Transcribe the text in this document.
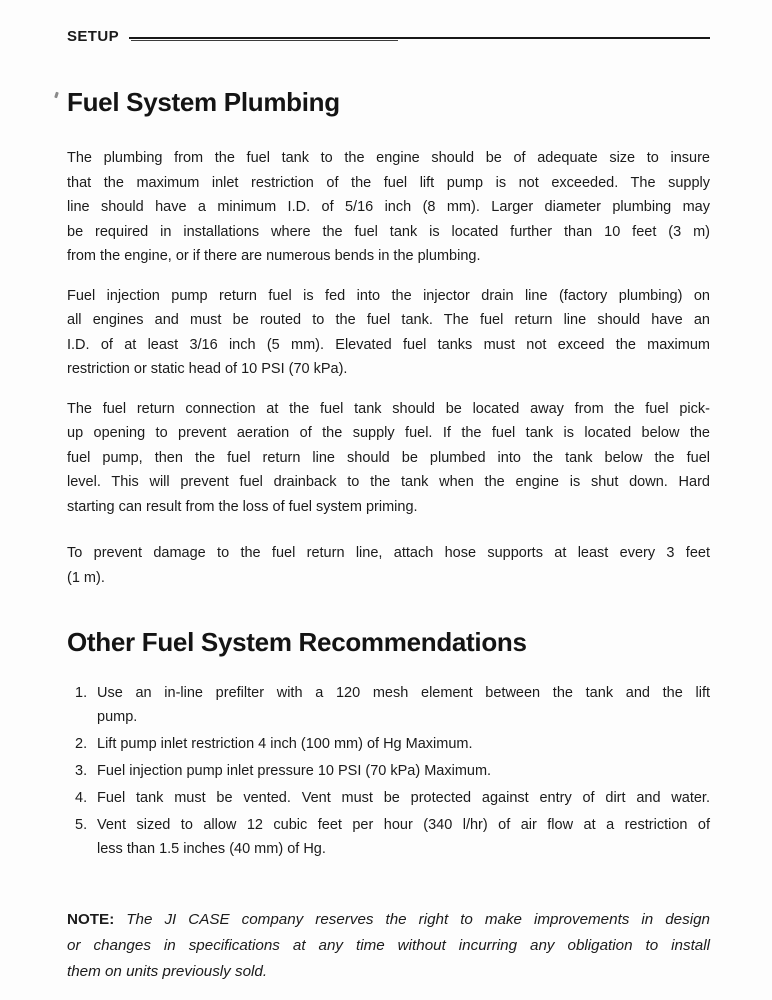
SETUP
Fuel System Plumbing
The plumbing from the fuel tank to the engine should be of adequate size to insure
that the maximum inlet restriction of the fuel lift pump is not exceeded. The supply
line should have a minimum I.D. of 5/16 inch (8 mm). Larger diameter plumbing may
be required in installations where the fuel tank is located further than 10 feet (3 m)
from the engine, or if there are numerous bends in the plumbing.
Fuel injection pump return fuel is fed into the injector drain line (factory plumbing) on
all engines and must be routed to the fuel tank. The fuel return line should have an
I.D. of at least 3/16 inch (5 mm). Elevated fuel tanks must not exceed the maximum
restriction or static head of 10 PSI (70 kPa).
The fuel return connection at the fuel tank should be located away from the fuel pick-
up opening to prevent aeration of the supply fuel. If the fuel tank is located below the
fuel pump, then the fuel return line should be plumbed into the tank below the fuel
level. This will prevent fuel drainback to the tank when the engine is shut down. Hard
starting can result from the loss of fuel system priming.
To prevent damage to the fuel return line, attach hose supports at least every 3 feet
(1 m).
Other Fuel System Recommendations
1. Use an in-line prefilter with a 120 mesh element between the tank and the lift
pump.
2. Lift pump inlet restriction 4 inch (100 mm) of Hg Maximum.
3. Fuel injection pump inlet pressure 10 PSI (70 kPa) Maximum.
4. Fuel tank must be vented. Vent must be protected against entry of dirt and water.
5. Vent sized to allow 12 cubic feet per hour (340 l/hr) of air flow at a restriction of
less than 1.5 inches (40 mm) of Hg.
NOTE: The JI CASE company reserves the right to make improvements in design
or changes in specifications at any time without incurring any obligation to install
them on units previously sold.
